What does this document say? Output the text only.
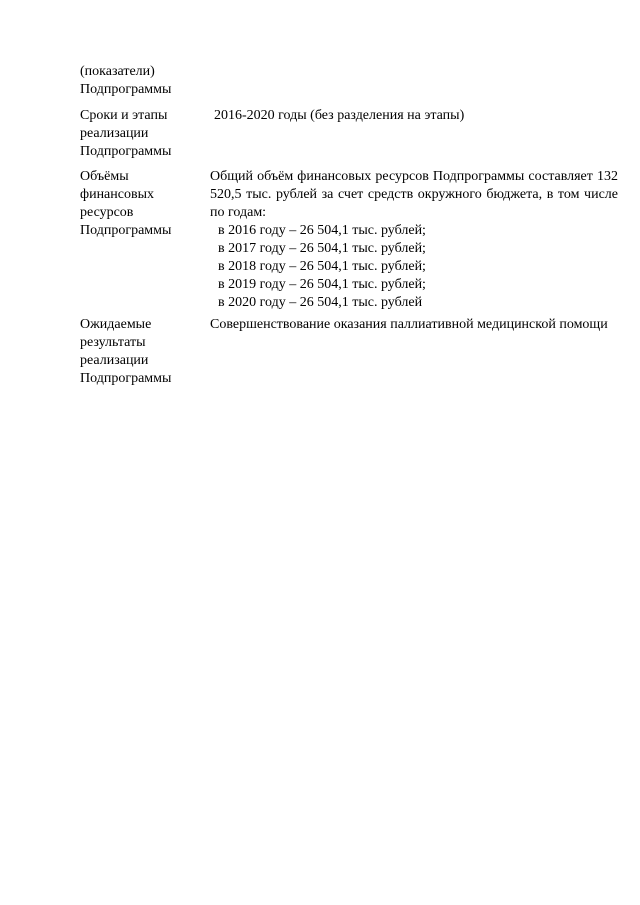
(показатели)
Подпрограммы
Сроки и этапы
реализации
Подпрограммы
2016-2020 годы (без разделения на этапы)
Объёмы
финансовых
ресурсов
Подпрограммы
Общий объём финансовых ресурсов Подпрограммы составляет 132 520,5 тыс. рублей за счет средств окружного бюджета, в том числе по годам:
в 2016 году – 26 504,1 тыс. рублей;
в 2017 году – 26 504,1 тыс. рублей;
в 2018 году – 26 504,1 тыс. рублей;
в 2019 году – 26 504,1 тыс. рублей;
в 2020 году – 26 504,1 тыс. рублей
Ожидаемые
результаты
реализации
Подпрограммы
Совершенствование оказания паллиативной медицинской помощи
